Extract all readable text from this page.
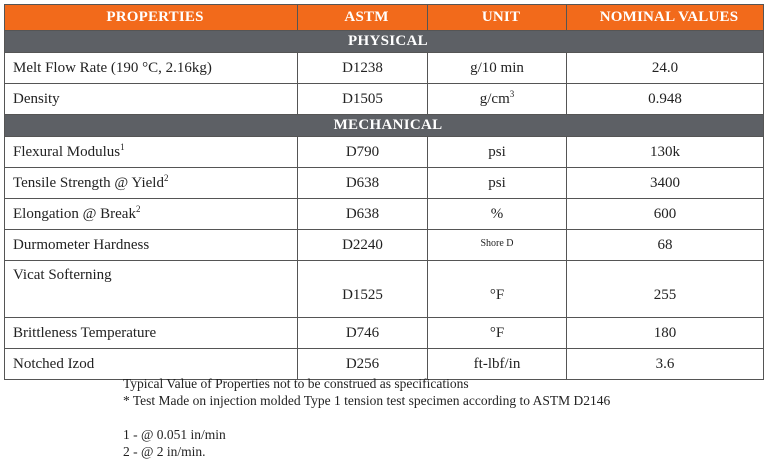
PROPERTIES	ASTM	UNIT	NOMINAL VALUES
PHYSICAL			
Melt Flow Rate (190 °C, 2.16kg)	D1238	g/10 min	24.0
Density	D1505	$g/cm^3$	0.948
MECHANICAL			
Flexural Modulus$^1$	D790	psi	130k
Tensile Strength @ Yield$^2$	D638	psi	3400
Elongation @ Break$^2$	D638	%	600
Durmometer Hardness	D2240	$^{Shore D}$	68
Vicat Softerning	D1525	°F	255
Brittleness Temperature	D746	°F	180
Notched Izod	D256	ft-lbf/in	3.6
Typical Value of Properties not to be construed as specifications
* Test Made on injection molded Type 1 tension test specimen according to ASTM D2146
1 - @ 0.051 in/min
2 - @ 2 in/min.
